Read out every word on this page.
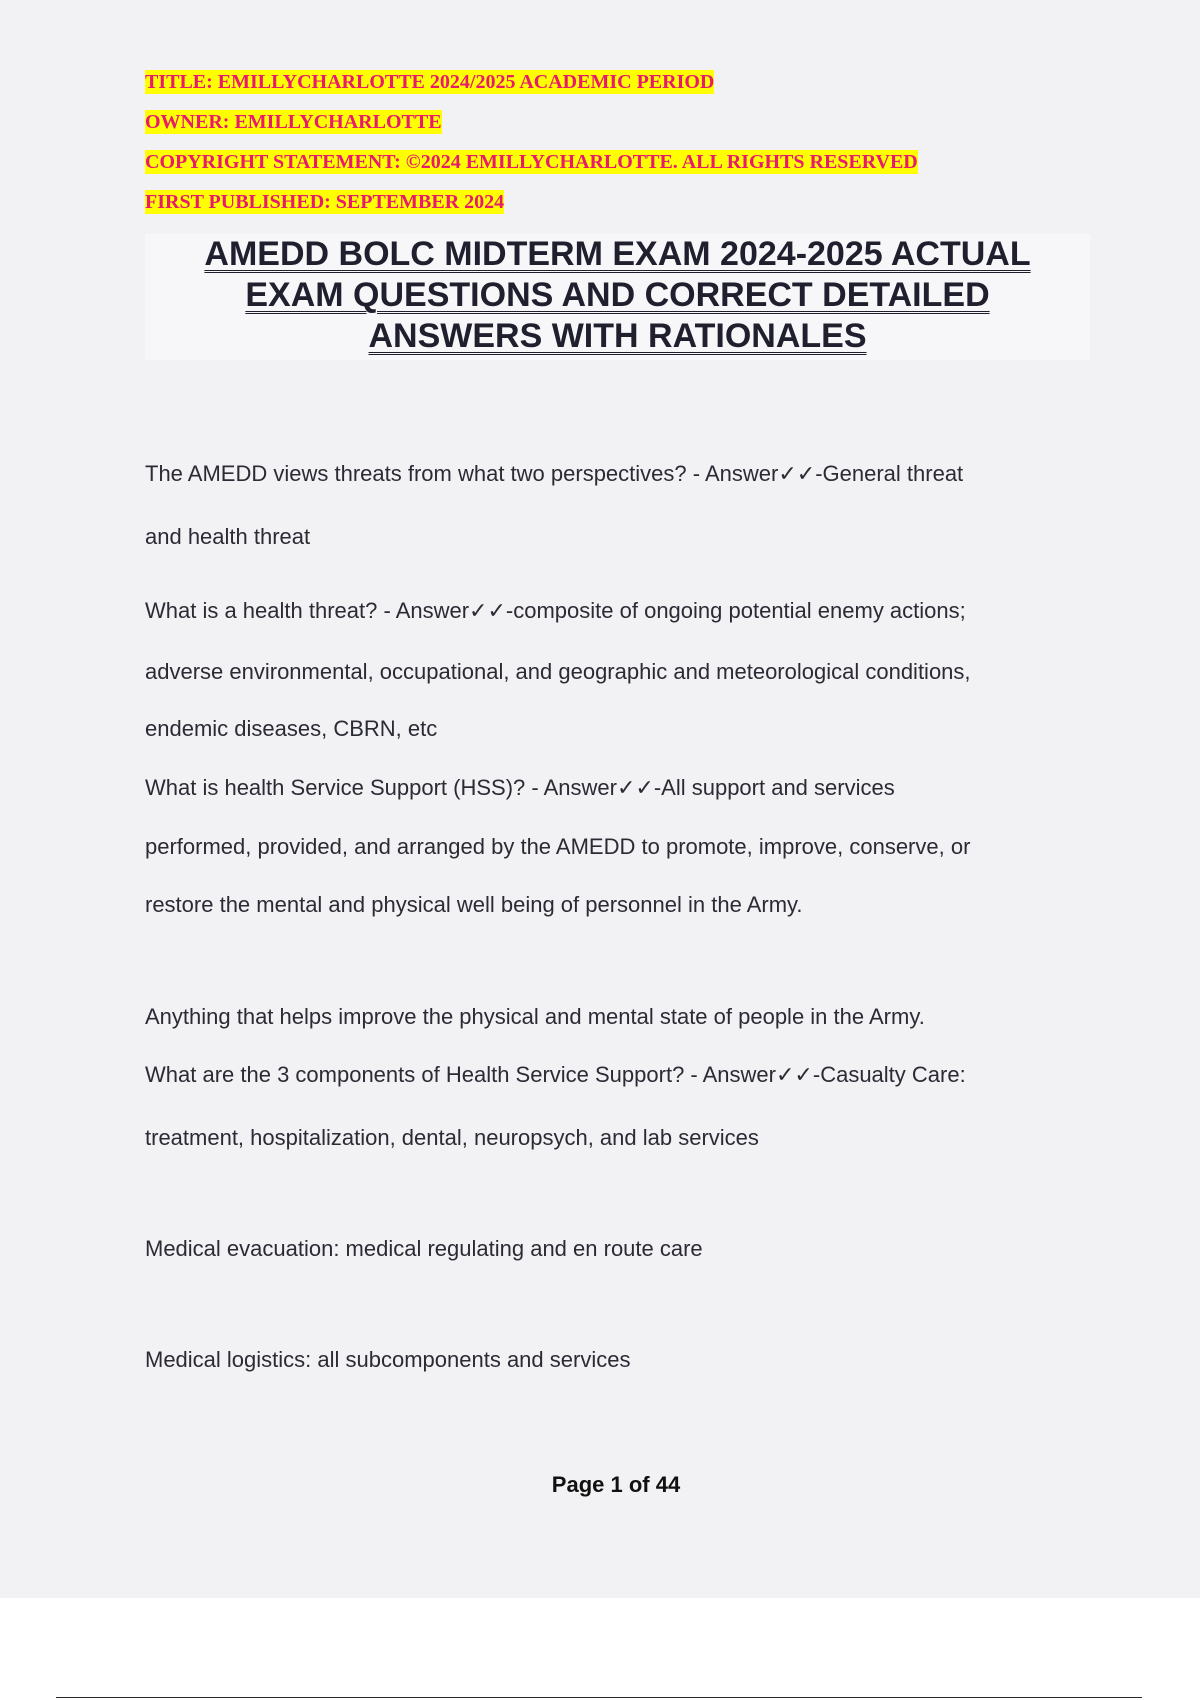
TITLE: EMILLYCHARLOTTE 2024/2025 ACADEMIC PERIOD
OWNER: EMILLYCHARLOTTE
COPYRIGHT STATEMENT: ©2024 EMILLYCHARLOTTE. ALL RIGHTS RESERVED
FIRST PUBLISHED: SEPTEMBER 2024
AMEDD BOLC MIDTERM EXAM 2024-2025 ACTUAL
EXAM QUESTIONS AND CORRECT DETAILED
ANSWERS WITH RATIONALES
The AMEDD views threats from what two perspectives? - Answer✓✓-General threat
and health threat
What is a health threat? - Answer✓✓-composite of ongoing potential enemy actions;
adverse environmental, occupational, and geographic and meteorological conditions,
endemic diseases, CBRN, etc
What is health Service Support (HSS)? - Answer✓✓-All support and services
performed, provided, and arranged by the AMEDD to promote, improve, conserve, or
restore the mental and physical well being of personnel in the Army.
Anything that helps improve the physical and mental state of people in the Army.
What are the 3 components of Health Service Support? - Answer✓✓-Casualty Care:
treatment, hospitalization, dental, neuropsych, and lab services
Medical evacuation: medical regulating and en route care
Medical logistics: all subcomponents and services
Page 1 of 44
